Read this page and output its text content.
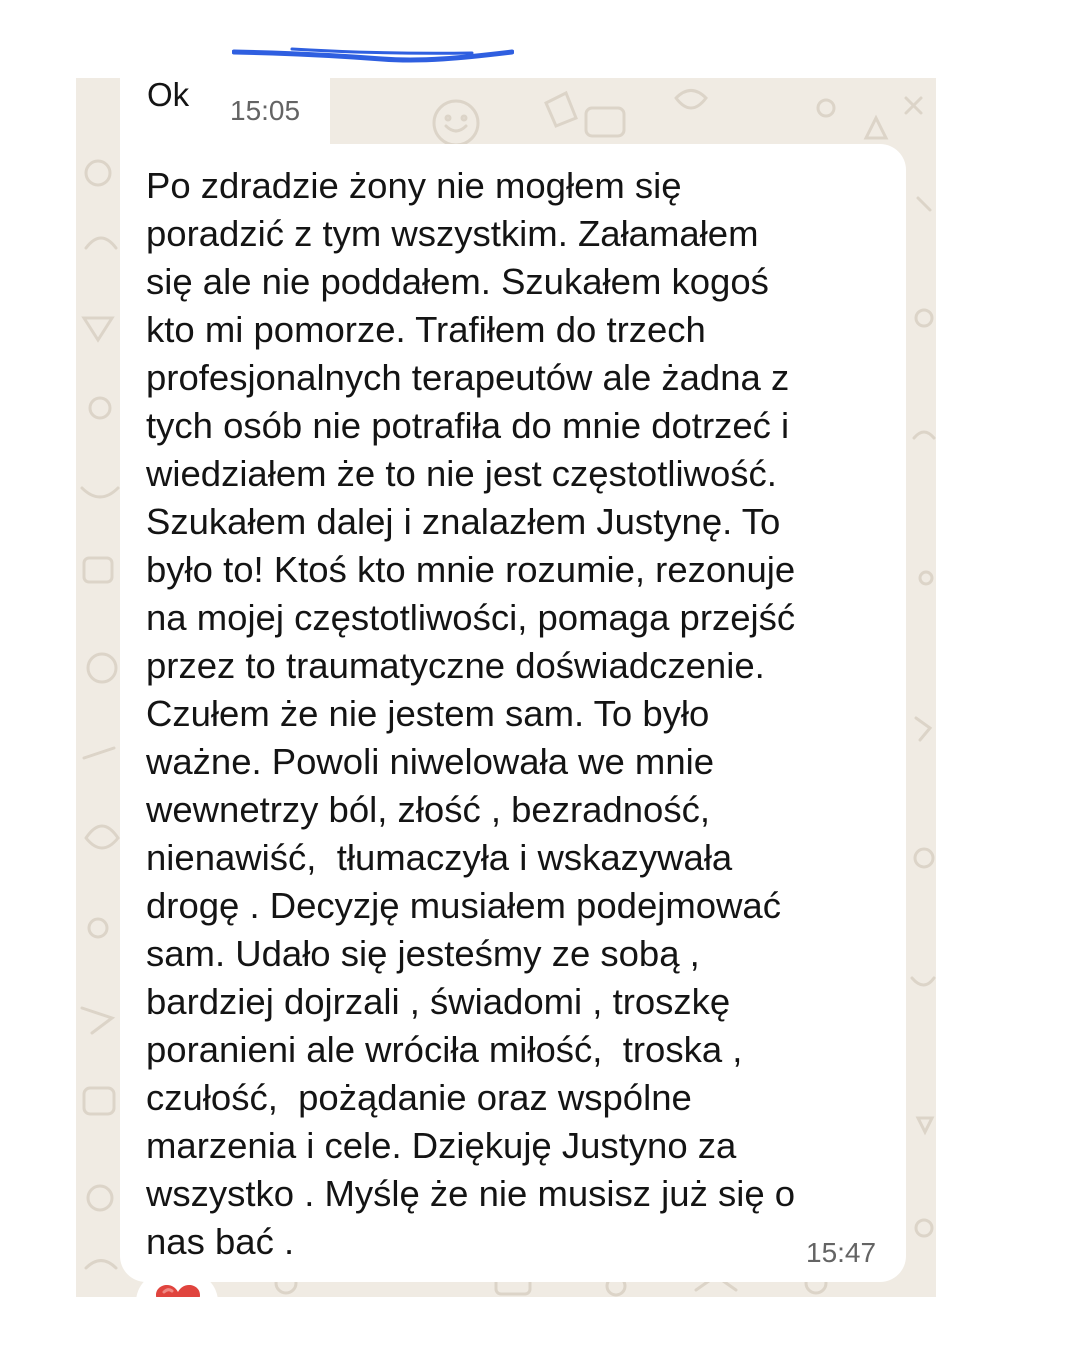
Ok 15:05

Po zdradzie żony nie mogłem się
poradzić z tym wszystkim. Załamałem
się ale nie poddałem. Szukałem kogoś
kto mi pomorze. Trafiłem do trzech
profesjonalnych terapeutów ale żadna z
tych osób nie potrafiła do mnie dotrzeć i
wiedziałem że to nie jest częstotliwość.
Szukałem dalej i znalazłem Justynę. To
było to! Ktoś kto mnie rozumie, rezonuje
na mojej częstotliwości, pomaga przejść
przez to traumatyczne doświadczenie.
Czułem że nie jestem sam. To było
ważne. Powoli niwelowała we mnie
wewnetrzy ból, złość , bezradność,
nienawiść,  tłumaczyła i wskazywała
drogę . Decyzję musiałem podejmować
sam. Udało się jesteśmy ze sobą ,
bardziej dojrzali , świadomi , troszkę
poranieni ale wróciła miłość,  troska ,
czułość,  pożądanie oraz wspólne
marzenia i cele. Dziękuję Justyno za
wszystko . Myślę że nie musisz już się o
nas bać .	15:47
